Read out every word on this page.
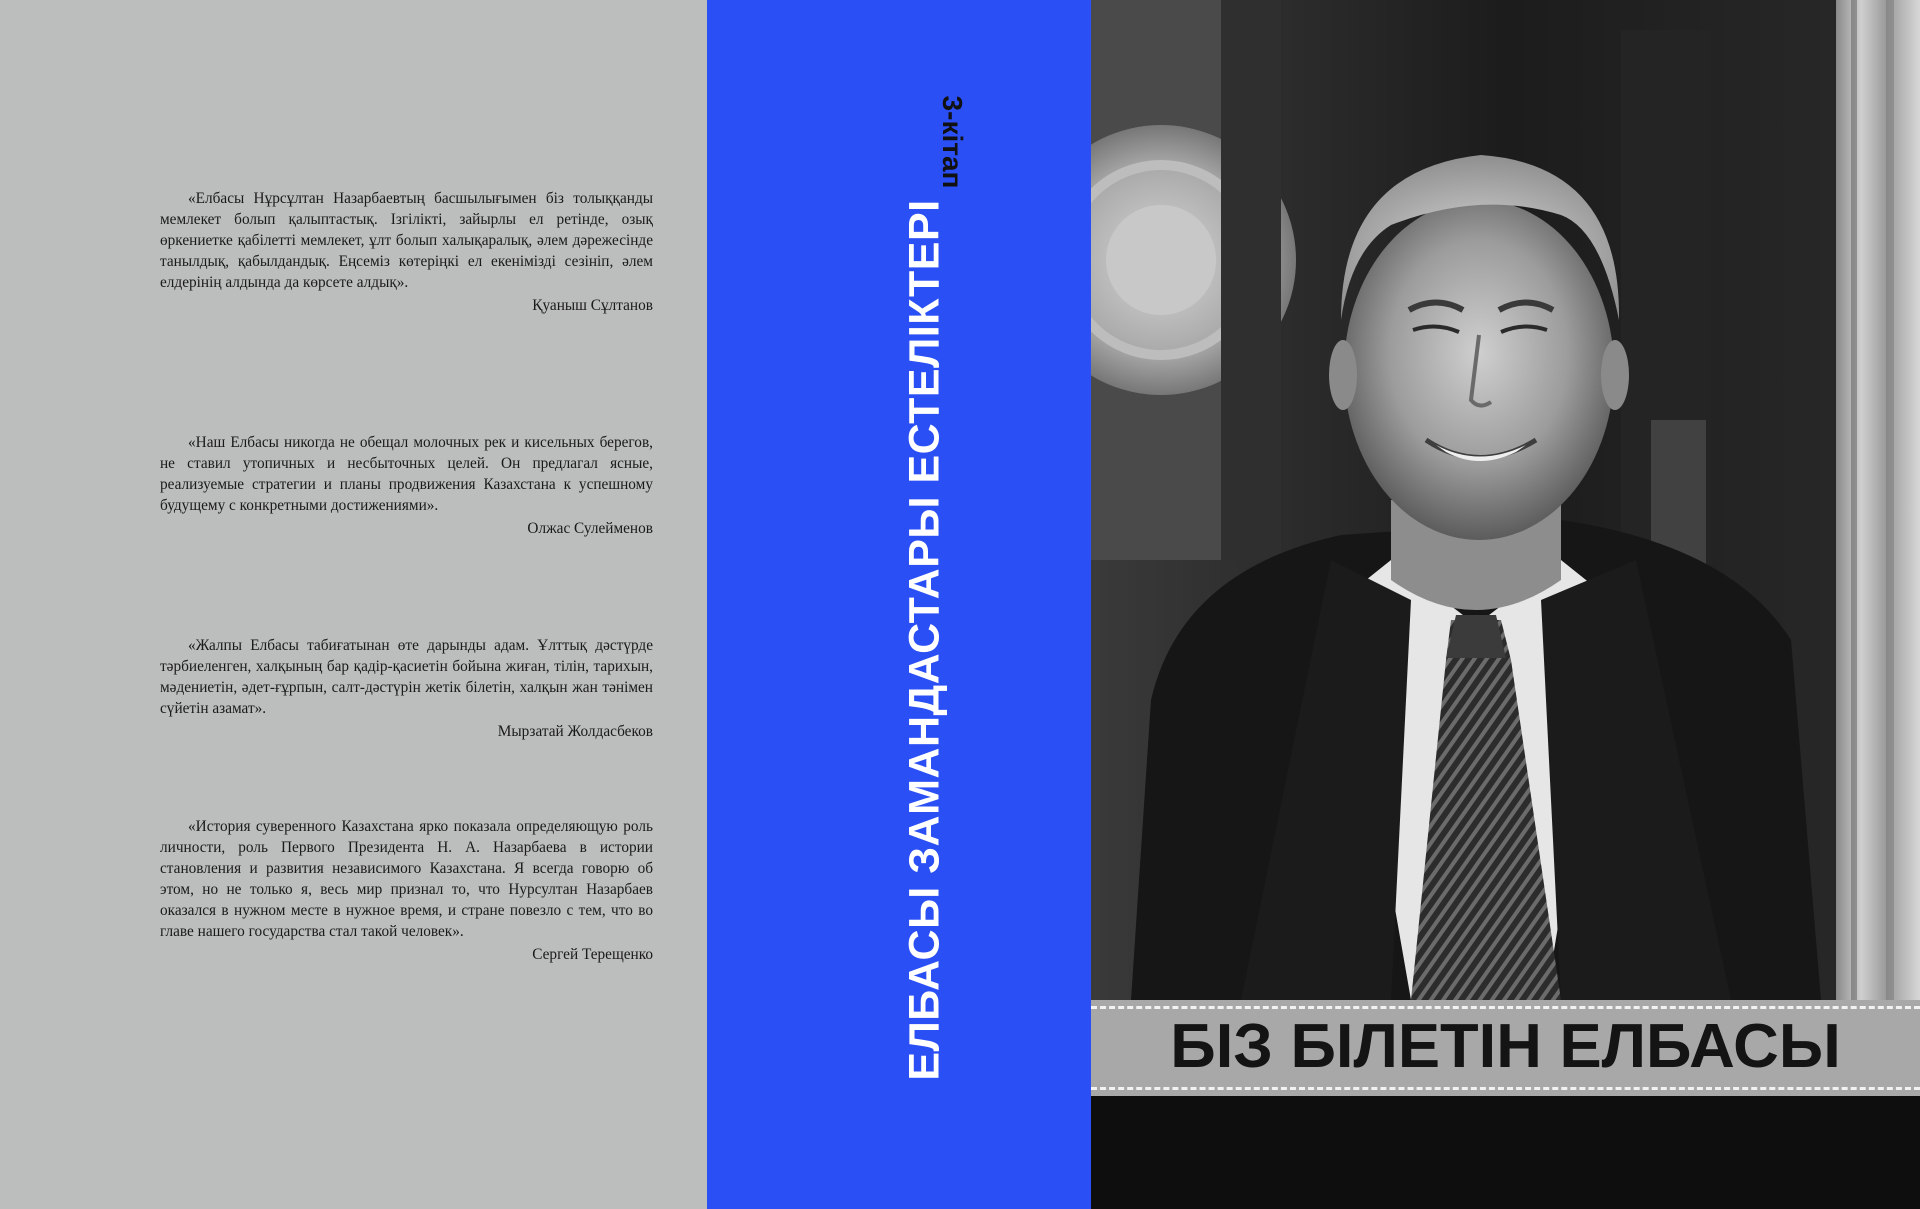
«Елбасы Нұрсұлтан Назарбаевтың басшылығымен біз толыққанды мемлекет болып қалыптастық. Ізгілікті, зайырлы ел ретінде, озық өркениетке қабілетті мемлекет, ұлт болып халықаралық, әлем дәрежесінде танылдық, қабылдандық. Еңсеміз көтеріңкі ел екенімізді сезініп, әлем елдерінің алдында да көрсете алдық».

Қуаныш Сұлтанов

«Наш Елбасы никогда не обещал молочных рек и кисельных берегов, не ставил утопичных и несбыточных целей. Он предлагал ясные, реализуемые стратегии и планы продвижения Казахстана к успешному будущему с конкретными достижениями».

Олжас Сулейменов

«Жалпы Елбасы табиғатынан өте дарынды адам. Ұлттық дәстүрде тәрбиеленген, халқының бар қадір-қасиетін бойына жиған, тілін, тарихын, мәдениетін, әдет-ғұрпын, салт-дәстүрін жетік білетін, халқын жан тәнімен сүйетін азамат».

Мырзатай Жолдасбеков

«История суверенного Казахстана ярко показала определяющую роль личности, роль Первого Президента Н. А. Назарбаева в истории становления и развития независимого Казахстана. Я всегда говорю об этом, но не только я, весь мир признал то, что Нурсултан Назарбаев оказался в нужном месте в нужное время, и стране повезло с тем, что во главе нашего государства стал такой человек».

Сергей Терещенко	ЕЛБАСЫ ЗАМАНДАСТАРЫ ЕСТЕЛІКТЕРІ
3-кітап
БІЗ БІЛЕТІН ЕЛБАСЫ
